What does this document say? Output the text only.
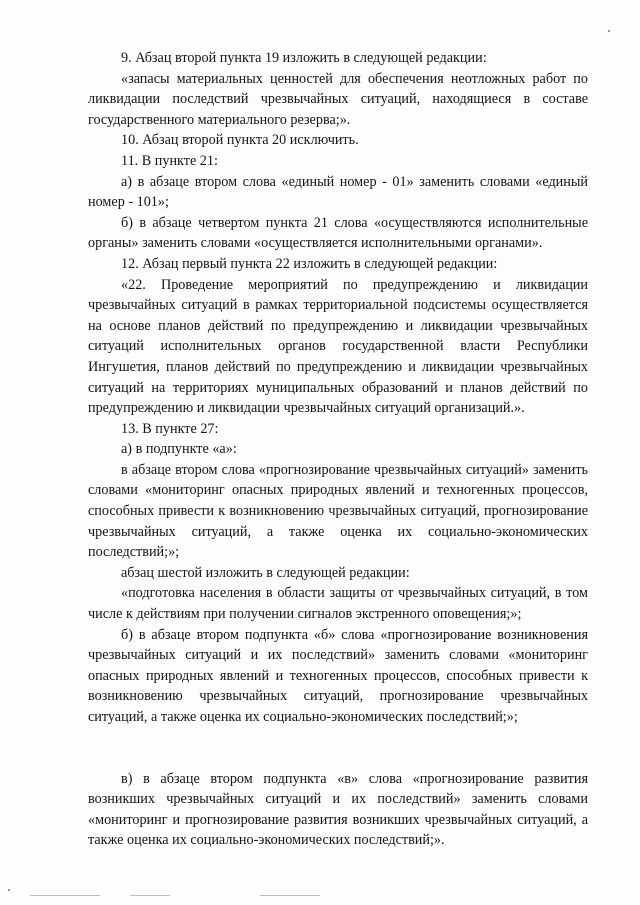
9. Абзац второй пункта 19 изложить в следующей редакции:

«запасы материальных ценностей для обеспечения неотложных работ по ликвидации последствий чрезвычайных ситуаций, находящиеся в составе государственного материального резерва;».

10. Абзац второй пункта 20 исключить.

11. В пункте 21:

а) в абзаце втором слова «единый номер - 01» заменить словами «единый номер - 101»;

б) в абзаце четвертом пункта 21 слова «осуществляются исполнительные органы» заменить словами «осуществляется исполнительными органами».

12. Абзац первый пункта 22 изложить в следующей редакции:

«22. Проведение мероприятий по предупреждению и ликвидации чрезвычайных ситуаций в рамках территориальной подсистемы осуществляется на основе планов действий по предупреждению и ликвидации чрезвычайных ситуаций исполнительных органов государственной власти Республики Ингушетия, планов действий по предупреждению и ликвидации чрезвычайных ситуаций на территориях муниципальных образований и планов действий по предупреждению и ликвидации чрезвычайных ситуаций организаций.».

13. В пункте 27:

а) в подпункте «а»:

в абзаце втором слова «прогнозирование чрезвычайных ситуаций» заменить словами «мониторинг опасных природных явлений и техногенных процессов, способных привести к возникновению чрезвычайных ситуаций, прогнозирование чрезвычайных ситуаций, а также оценка их социально-экономических последствий;»;

абзац шестой изложить в следующей редакции:

«подготовка населения в области защиты от чрезвычайных ситуаций, в том числе к действиям при получении сигналов экстренного оповещения;»;

б) в абзаце втором подпункта «б» слова «прогнозирование возникновения чрезвычайных ситуаций и их последствий» заменить словами «мониторинг опасных природных явлений и техногенных процессов, способных привести к возникновению чрезвычайных ситуаций, прогнозирование чрезвычайных ситуаций, а также оценка их социально-экономических последствий;»;

в) в абзаце втором подпункта «в» слова «прогнозирование развития возникших чрезвычайных ситуаций и их последствий» заменить словами «мониторинг и прогнозирование развития возникших чрезвычайных ситуаций, а также оценка их социально-экономических последствий;».
